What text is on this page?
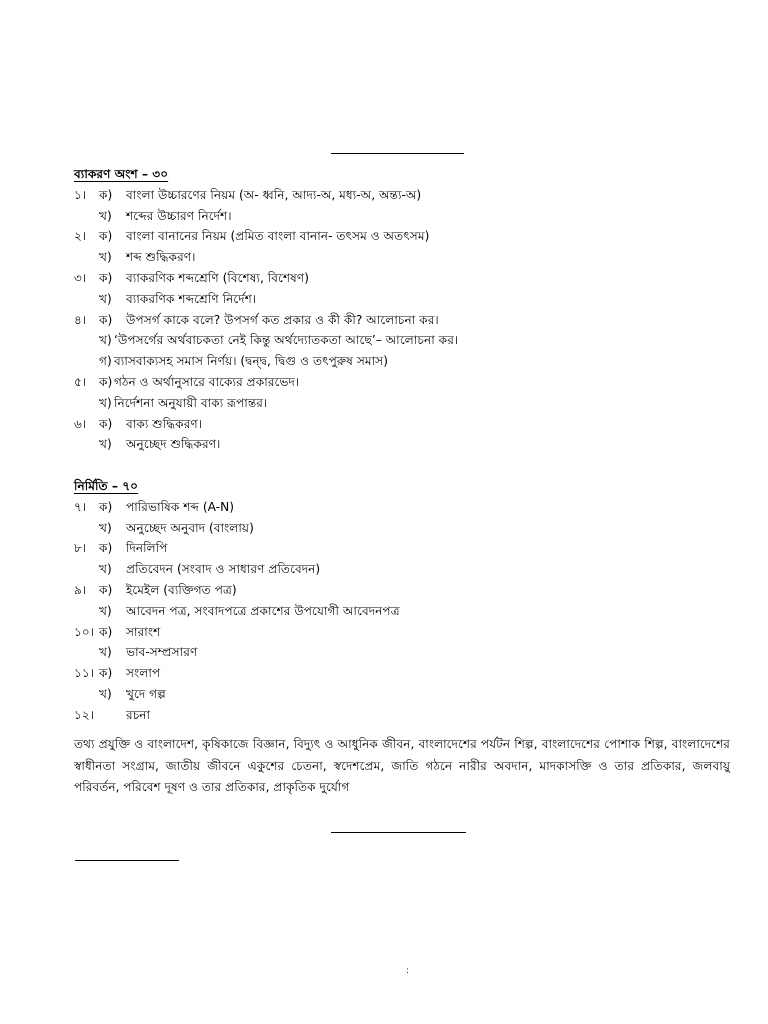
ব্যাকরণ অংশ – ৩০
১। ক) বাংলা উচ্চারণের নিয়ম (অ- ধ্বনি, আদ্য-অ, মধ্য-অ, অন্ত্য-অ)
খ) শব্দের উচ্চারণ নির্দেশ।
২। ক) বাংলা বানানের নিয়ম (প্রমিত বাংলা বানান- তৎসম ও অতৎসম)
খ) শব্দ শুদ্ধিকরণ।
৩। ক) ব্যাকরণিক শব্দশ্রেণি (বিশেষ্য, বিশেষণ)
খ) ব্যাকরণিক শব্দশ্রেণি নির্দেশ।
৪। ক) উপসর্গ কাকে বলে? উপসর্গ কত প্রকার ও কী কী? আলোচনা কর।
খ) ‘উপসর্গের অর্থবাচকতা নেই কিন্তু অর্থদ্যোতকতা আছে’– আলোচনা কর।
গ) ব্যাসবাক্যসহ সমাস নির্ণয়। (দ্বন্দ্ব, দ্বিগু ও তৎপুরুষ সমাস)
৫। ক) গঠন ও অর্থানুসারে বাক্যের প্রকারভেদ।
খ) নির্দেশনা অনুযায়ী বাক্য রূপান্তর।
৬। ক) বাক্য শুদ্ধিকরণ।
খ) অনুচ্ছেদ শুদ্ধিকরণ।
নির্মিতি – ৭০
৭। ক) পারিভাষিক শব্দ (A-N)
খ) অনুচ্ছেদ অনুবাদ (বাংলায়)
৮। ক) দিনলিপি
খ) প্রতিবেদন (সংবাদ ও সাধারণ প্রতিবেদন)
৯। ক) ইমেইল (ব্যক্তিগত পত্র)
খ) আবেদন পত্র, সংবাদপত্রে প্রকাশের উপযোগী আবেদনপত্র
১০। ক) সারাংশ
খ) ভাব-সম্প্রসারণ
১১। ক) সংলাপ
খ) খুদে গল্প
১২।	রচনা
তথ্য প্রযুক্তি ও বাংলাদেশ, কৃষিকাজে বিজ্ঞান, বিদ্যুৎ ও আধুনিক জীবন, বাংলাদেশের পর্যটন শিল্প, বাংলাদেশের পোশাক শিল্প, বাংলাদেশের স্বাধীনতা সংগ্রাম, জাতীয় জীবনে একুশের চেতনা, স্বদেশপ্রেম, জাতি গঠনে নারীর অবদান, মাদকাসক্তি ও তার প্রতিকার, জলবায়ু পরিবর্তন, পরিবেশ দূষণ ও তার প্রতিকার, প্রাকৃতিক দুর্যোগ
:
